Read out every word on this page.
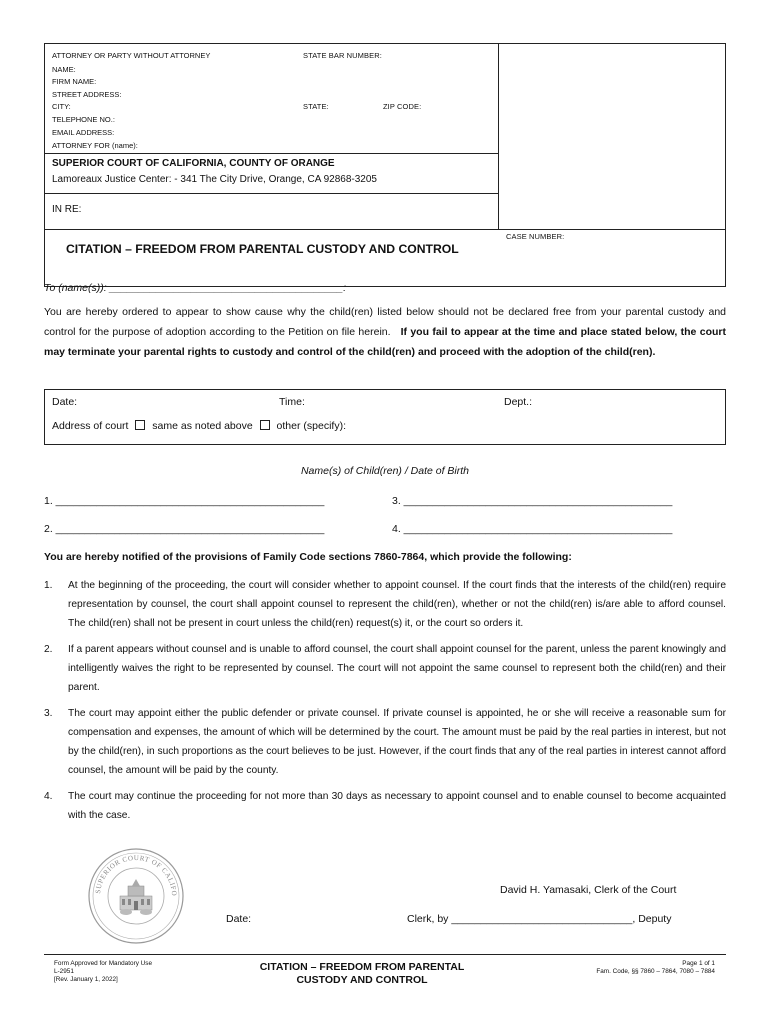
ATTORNEY OR PARTY WITHOUT ATTORNEY	STATE BAR NUMBER:
NAME:
FIRM NAME:
STREET ADDRESS:
CITY:	STATE:	ZIP CODE:
TELEPHONE NO.:
EMAIL ADDRESS:
ATTORNEY FOR (name):
SUPERIOR COURT OF CALIFORNIA, COUNTY OF ORANGE
Lamoreaux Justice Center: - 341 The City Drive, Orange, CA 92868-3205
IN RE:
CASE NUMBER:
CITATION – FREEDOM FROM PARENTAL CUSTODY AND CONTROL
To (name(s)): ________________________________________:
You are hereby ordered to appear to show cause why the child(ren) listed below should not be declared free from your parental custody and control for the purpose of adoption according to the Petition on file herein. If you fail to appear at the time and place stated below, the court may terminate your parental rights to custody and control of the child(ren) and proceed with the adoption of the child(ren).
Date:	Time:	Dept.:
Address of court same as noted above other (specify):
Name(s) of Child(ren) / Date of Birth
1. ______________________________________________	3. ______________________________________________
2. ______________________________________________	4. ______________________________________________
You are hereby notified of the provisions of Family Code sections 7860-7864, which provide the following:
1. At the beginning of the proceeding, the court will consider whether to appoint counsel. If the court finds that the interests of the child(ren) require representation by counsel, the court shall appoint counsel to represent the child(ren), whether or not the child(ren) is/are able to afford counsel. The child(ren) shall not be present in court unless the child(ren) request(s) it, or the court so orders it.
2. If a parent appears without counsel and is unable to afford counsel, the court shall appoint counsel for the parent, unless the parent knowingly and intelligently waives the right to be represented by counsel. The court will not appoint the same counsel to represent both the child(ren) and their parent.
3. The court may appoint either the public defender or private counsel. If private counsel is appointed, he or she will receive a reasonable sum for compensation and expenses, the amount of which will be determined by the court. The amount must be paid by the real parties in interest, but not by the child(ren), in such proportions as the court believes to be just. However, if the court finds that any of the real parties in interest cannot afford counsel, the amount will be paid by the county.
4. The court may continue the proceeding for not more than 30 days as necessary to appoint counsel and to enable counsel to become acquainted with the case.
SUPERIOR COURT OF CALIFO	David H. Yamasaki, Clerk of the Court
Date:	Clerk, by _______________________________, Deputy
Form Approved for Mandatory Use
L-2951
[Rev. January 1, 2022]
CITATION – FREEDOM FROM PARENTAL
CUSTODY AND CONTROL
Page 1 of 1
Fam. Code, §§ 7860 – 7864, 7080 – 7884
